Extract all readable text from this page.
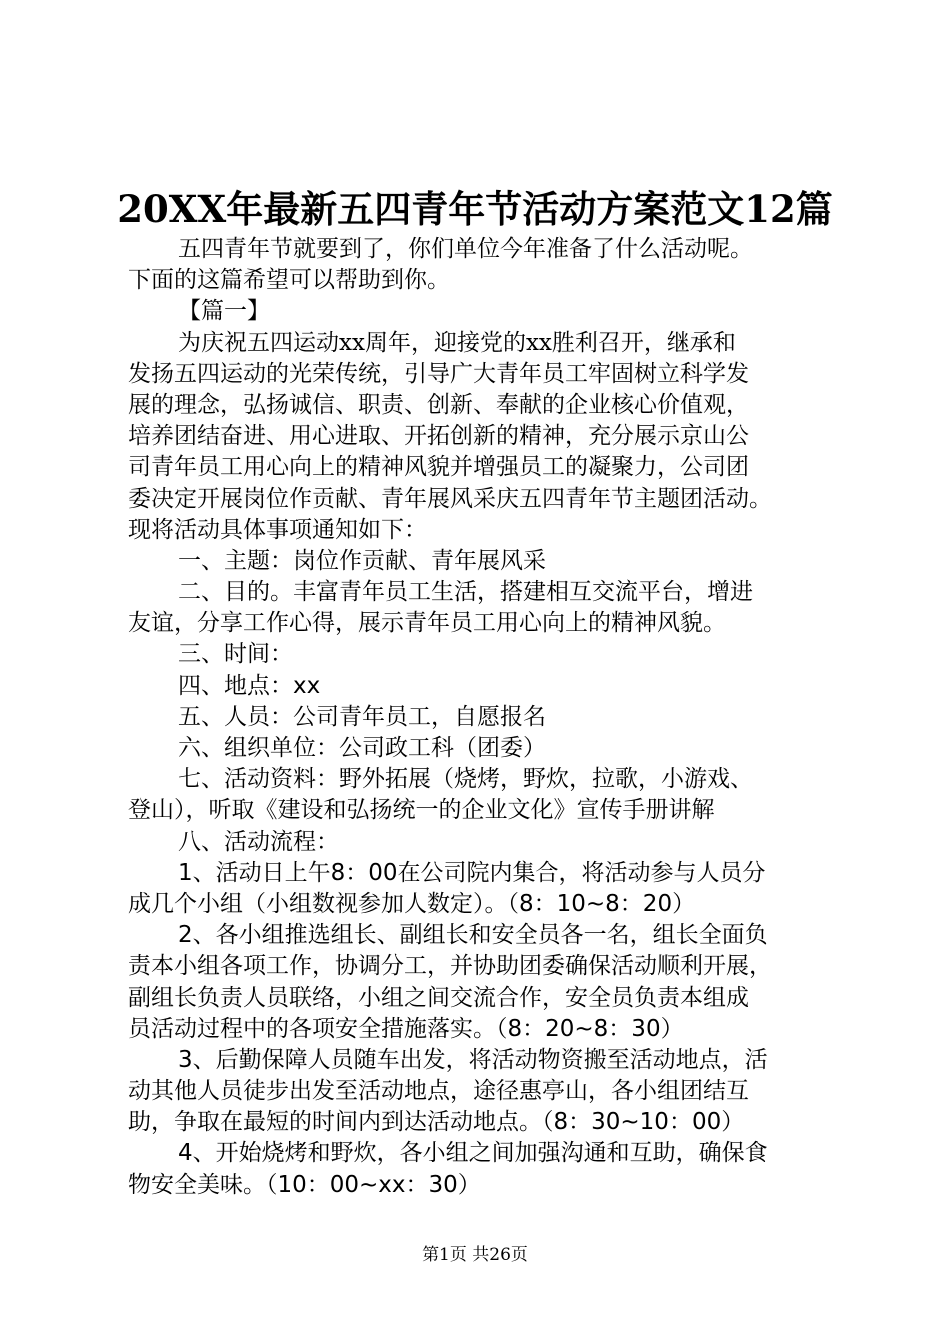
20XX年最新五四青年节活动方案范文12篇
五四青年节就要到了，你们单位今年准备了什么活动呢。
下面的这篇希望可以帮助到你。
【篇一】
为庆祝五四运动xx周年，迎接党的xx胜利召开，继承和
发扬五四运动的光荣传统，引导广大青年员工牢固树立科学发
展的理念，弘扬诚信、职责、创新、奉献的企业核心价值观，
培养团结奋进、用心进取、开拓创新的精神，充分展示京山公
司青年员工用心向上的精神风貌并增强员工的凝聚力，公司团
委决定开展岗位作贡献、青年展风采庆五四青年节主题团活动。
现将活动具体事项通知如下：
一、主题：岗位作贡献、青年展风采
二、目的。丰富青年员工生活，搭建相互交流平台，增进
友谊，分享工作心得，展示青年员工用心向上的精神风貌。
三、时间：
四、地点：xx
五、人员：公司青年员工，自愿报名
六、组织单位：公司政工科（团委）
七、活动资料：野外拓展（烧烤，野炊，拉歌，小游戏、
登山），听取《建设和弘扬统一的企业文化》宣传手册讲解
八、活动流程：
1、活动日上午8：00在公司院内集合，将活动参与人员分
成几个小组（小组数视参加人数定）。（8：10~8：20）
2、各小组推选组长、副组长和安全员各一名，组长全面负
责本小组各项工作，协调分工，并协助团委确保活动顺利开展，
副组长负责人员联络，小组之间交流合作，安全员负责本组成
员活动过程中的各项安全措施落实。（8：20~8：30）
3、后勤保障人员随车出发，将活动物资搬至活动地点，活
动其他人员徒步出发至活动地点，途径惠亭山，各小组团结互
助，争取在最短的时间内到达活动地点。（8：30~10：00）
4、开始烧烤和野炊，各小组之间加强沟通和互助，确保食
物安全美味。（10：00~xx：30）
第1页 共26页
